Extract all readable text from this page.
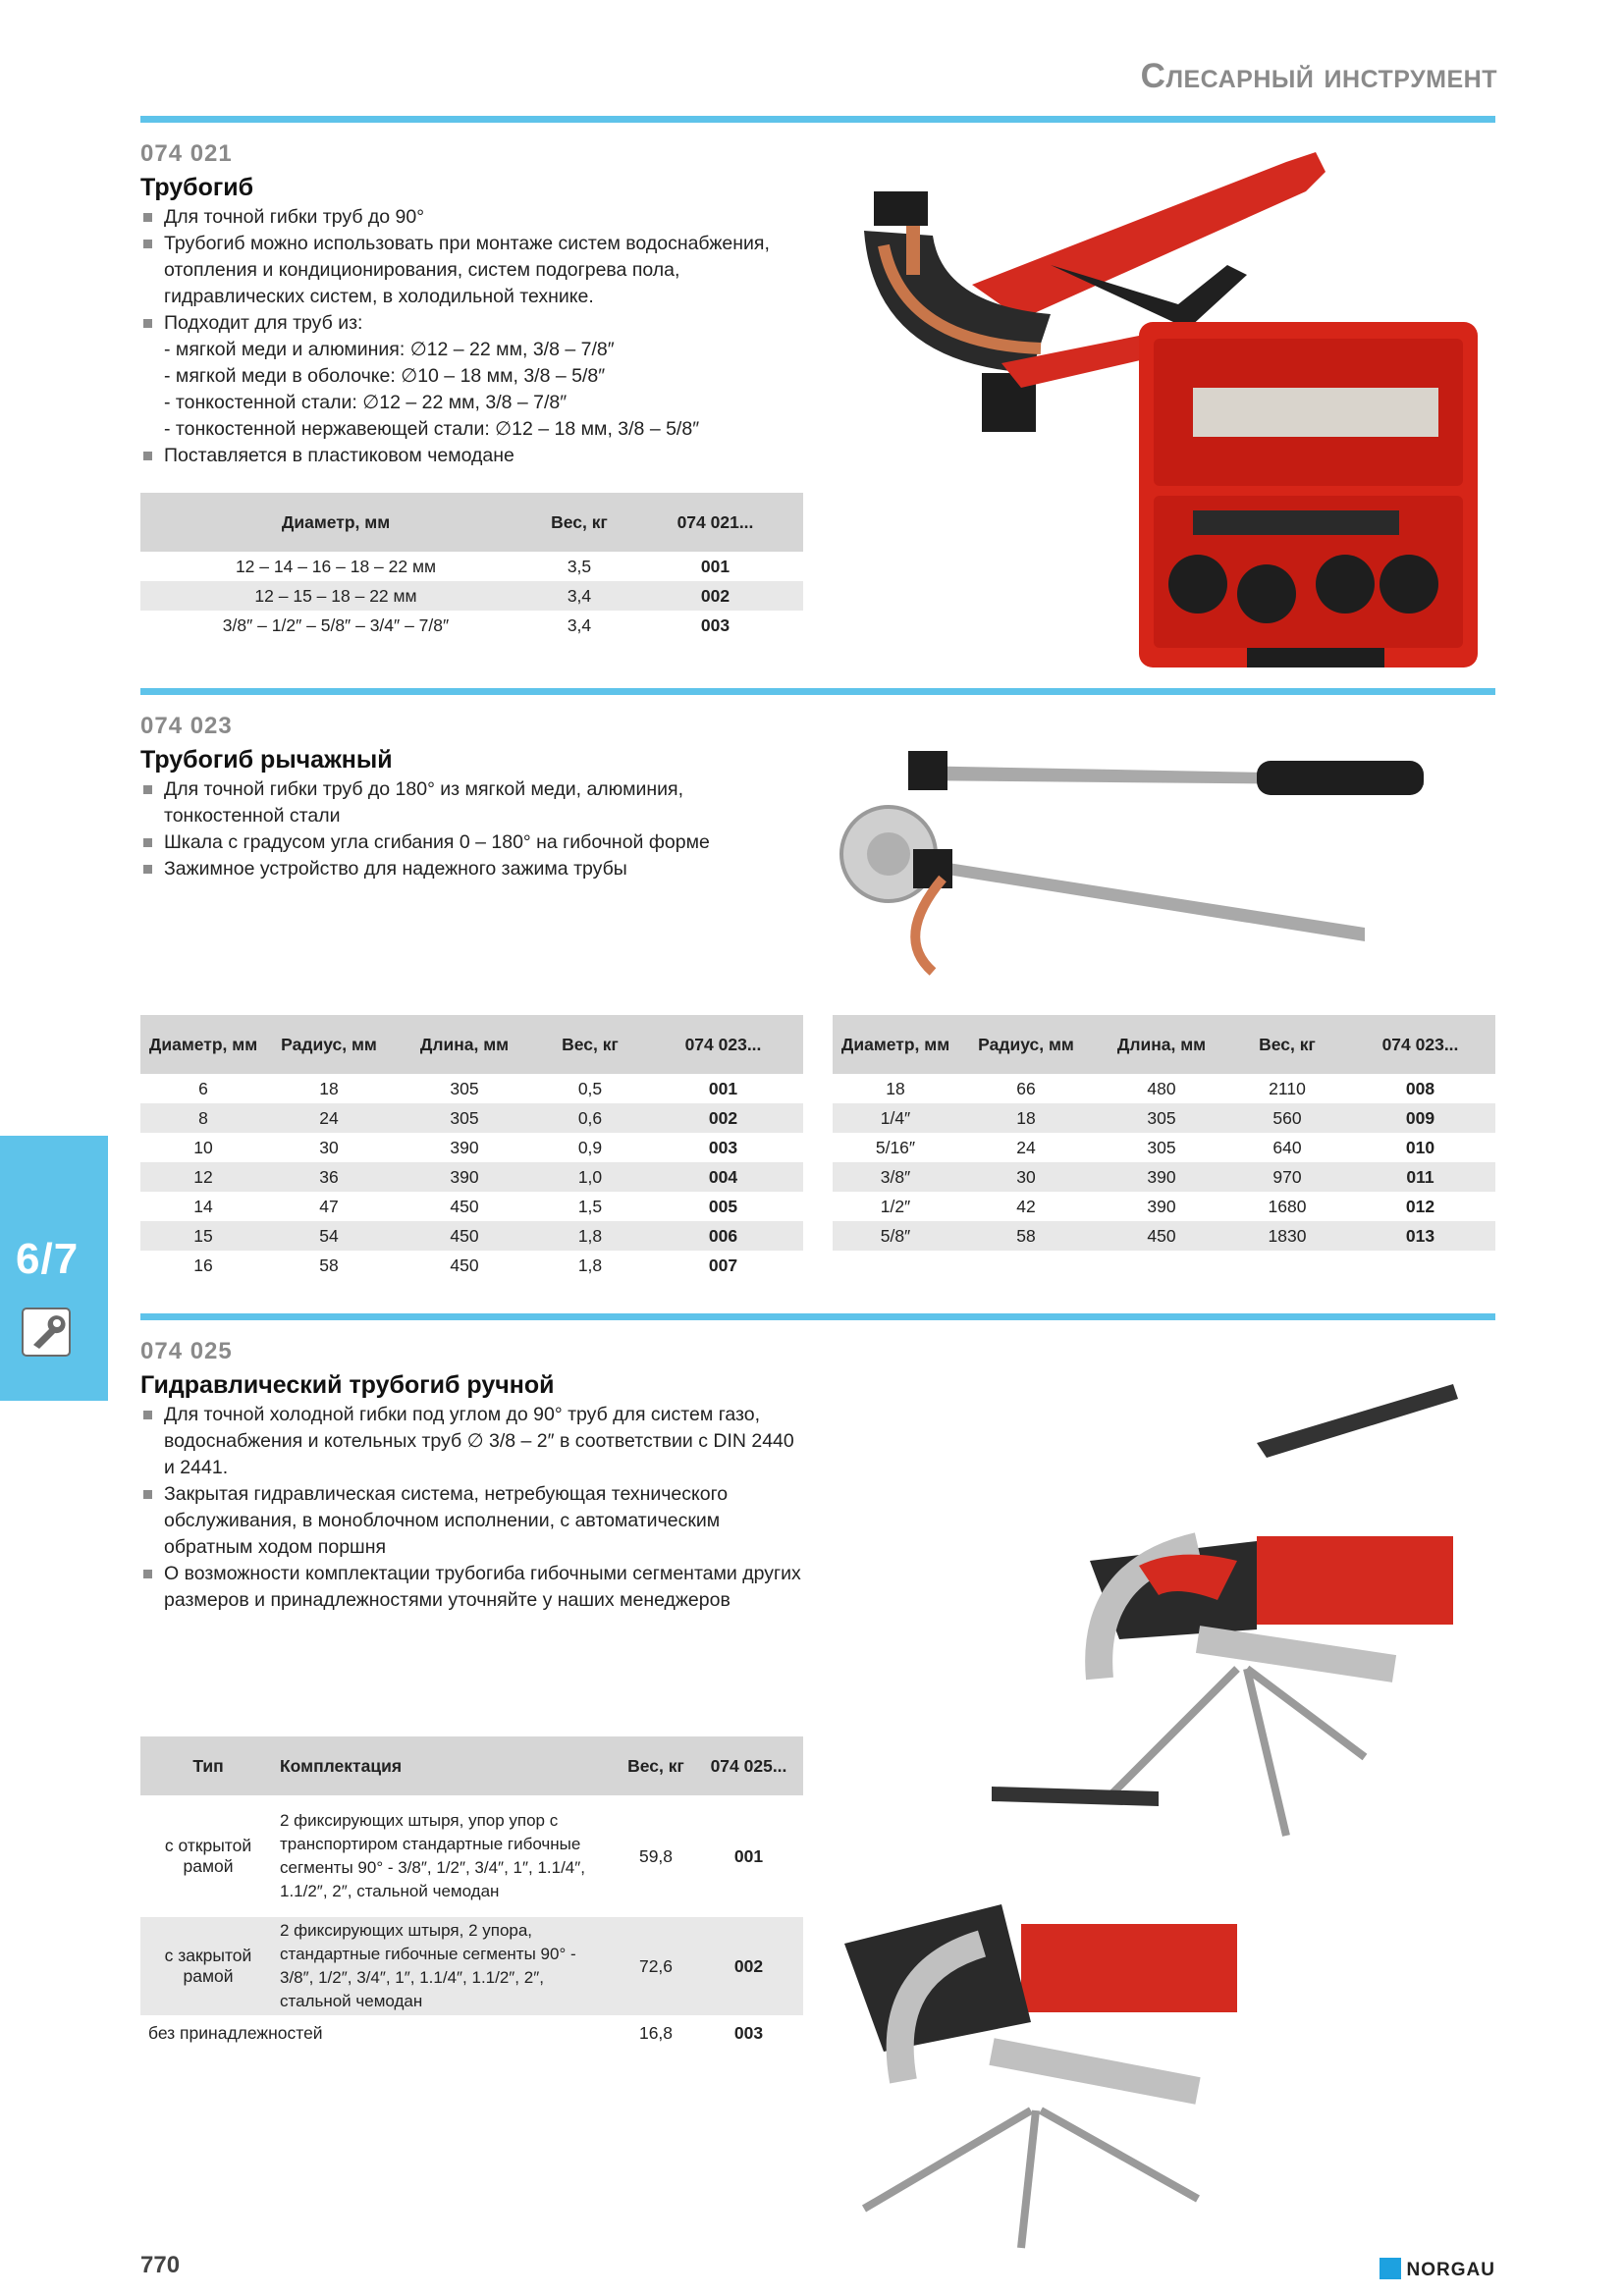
Слесарный инструмент
074 021
Трубогиб
Для точной гибки труб до 90°
Трубогиб можно использовать при монтаже систем водоснабжения, отопления и кондиционирования, систем подогрева пола, гидравлических систем, в холодильной технике.
Подходит для труб из:
- мягкой меди и алюминия: ∅12 – 22 мм, 3/8 – 7/8″
- мягкой меди в оболочке: ∅10 – 18 мм, 3/8 – 5/8″
- тонкостенной стали: ∅12 – 22 мм, 3/8 – 7/8″
- тонкостенной нержавеющей стали: ∅12 – 18 мм, 3/8 – 5/8″
Поставляется в пластиковом чемодане
Диаметр, мм	Вес, кг	074 021...
12 – 14 – 16 – 18 – 22 мм	3,5	001
12 – 15 – 18 – 22 мм	3,4	002
3/8″ – 1/2″ – 5/8″ – 3/4″ – 7/8″	3,4	003
074 023
Трубогиб рычажный
Для точной гибки труб до 180° из мягкой меди, алюминия, тонкостенной стали
Шкала с градусом угла сгибания 0 – 180° на гибочной форме
Зажимное устройство для надежного зажима трубы
Диаметр, мм	Радиус, мм	Длина, мм	Вес, кг	074 023...
6	18	305	0,5	001
8	24	305	0,6	002
10	30	390	0,9	003
12	36	390	1,0	004
14	47	450	1,5	005
15	54	450	1,8	006
16	58	450	1,8	007
Диаметр, мм	Радиус, мм	Длина, мм	Вес, кг	074 023...
18	66	480	2110	008
1/4″	18	305	560	009
5/16″	24	305	640	010
3/8″	30	390	970	011
1/2″	42	390	1680	012
5/8″	58	450	1830	013
6/7
074 025
Гидравлический трубогиб ручной
Для точной холодной гибки под углом до 90° труб для систем газо, водоснабжения и котельных труб ∅ 3/8 – 2″ в соответствии с DIN 2440 и 2441.
Закрытая гидравлическая система, нетребующая технического обслуживания, в моноблочном исполнении, с автоматическим обратным ходом поршня
О возможности комплектации трубогиба гибочными сегментами других размеров и принадлежностями уточняйте у наших менеджеров
Тип	Комплектация	Вес, кг	074 025...
с открытой рамой	2 фиксирующих штыря, упор упор с транспортиром стандартные гибочные сегменты 90° - 3/8″, 1/2″, 3/4″, 1″, 1.1/4″, 1.1/2″, 2″, стальной чемодан	59,8	001
с закрытой рамой	2 фиксирующих штыря, 2 упора, стандартные гибочные сегменты 90° - 3/8″, 1/2″, 3/4″, 1″, 1.1/4″, 1.1/2″, 2″, стальной чемодан	72,6	002
без принадлежностей		16,8	003
770	NORGAU
